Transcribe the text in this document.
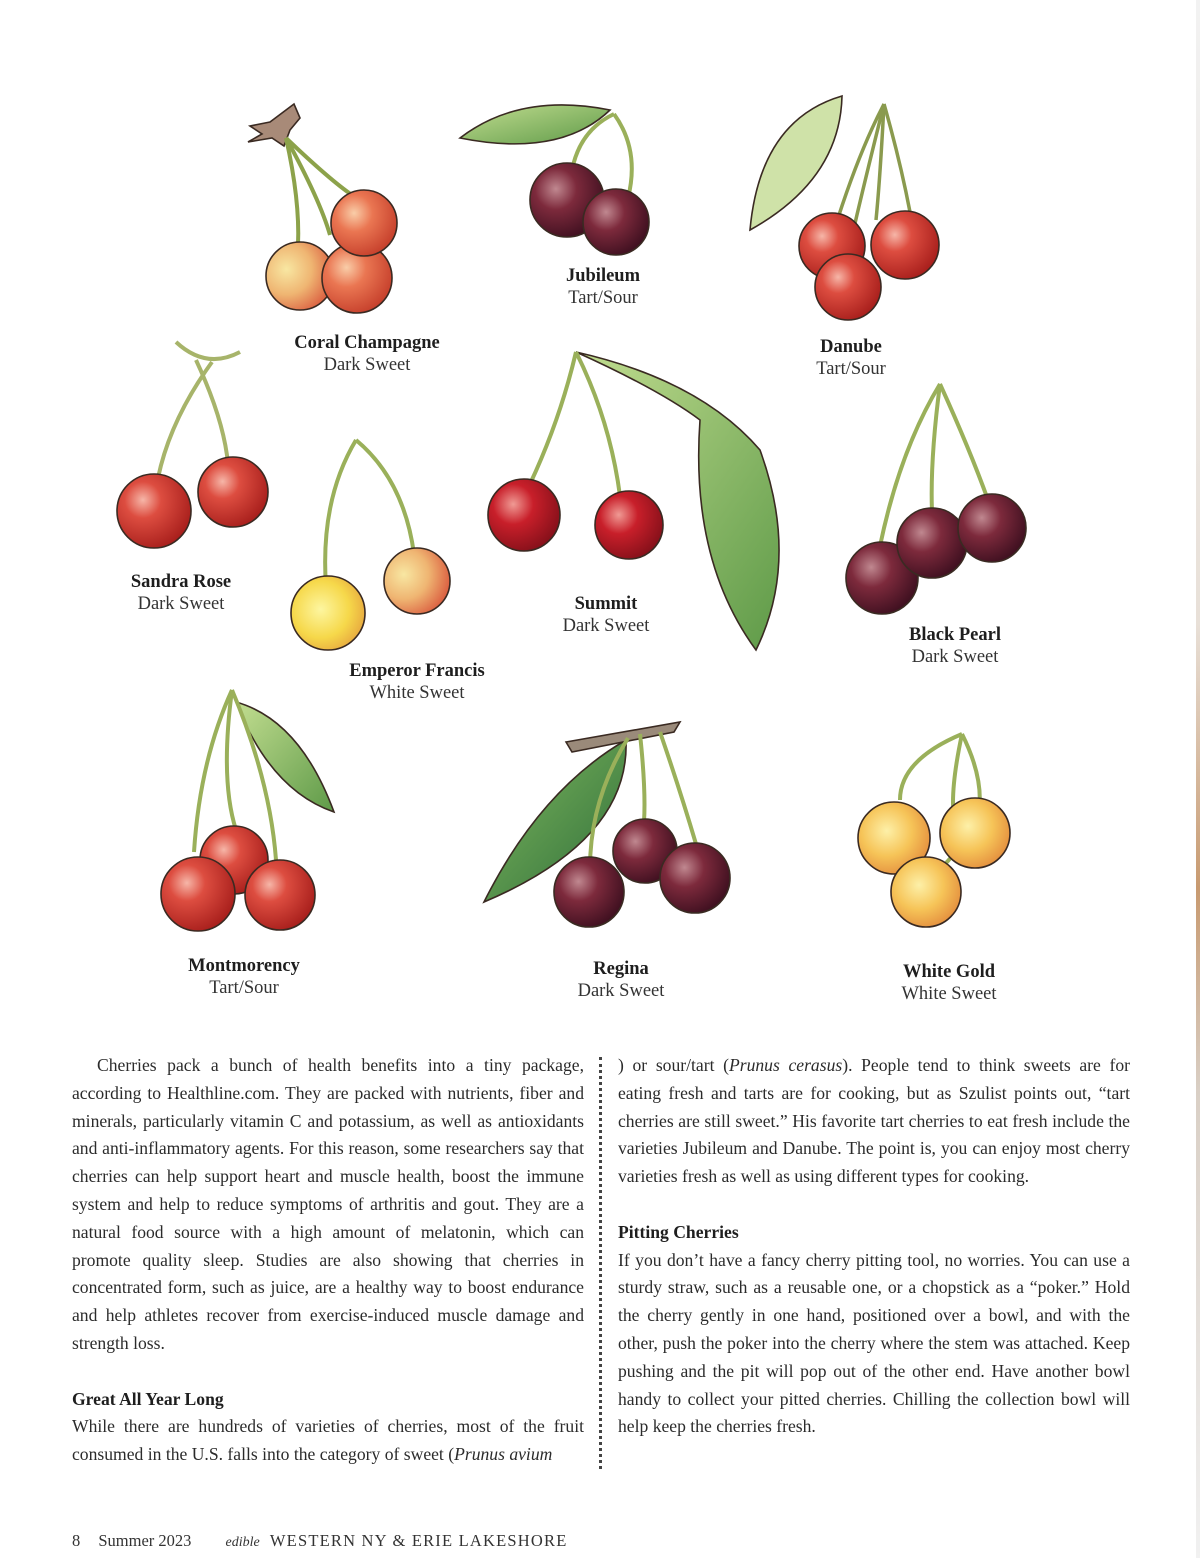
Coral Champagne
Dark Sweet
Jubileum
Tart/Sour
Danube
Tart/Sour
Sandra Rose
Dark Sweet
Emperor Francis
White Sweet
Summit
Dark Sweet	Black Pearl
Dark Sweet
Montmorency
Tart/Sour
Regina
Dark Sweet
White Gold
White Sweet

Cherries pack a bunch of health benefits into a tiny package, according to Healthline.com. They are packed with nutrients, fiber and minerals, particularly vitamin C and potassium, as well as antioxidants and anti-inflammatory agents. For this reason, some researchers say that cherries can help support heart and muscle health, boost the immune system and help to reduce symptoms of arthritis and gout. They are a natural food source with a high amount of melatonin, which can promote quality sleep. Studies are also showing that cherries in concentrated form, such as juice, are a healthy way to boost endurance and help athletes recover from exercise-induced muscle damage and strength loss.

Great All Year Long

While there are hundreds of varieties of cherries, most of the fruit consumed in the U.S. falls into the category of sweet (Prunus avium

) or sour/tart (Prunus cerasus). People tend to think sweets are for eating fresh and tarts are for cooking, but as Szulist points out, “tart cherries are still sweet.” His favorite tart cherries to eat fresh include the varieties Jubileum and Danube. The point is, you can enjoy most cherry varieties fresh as well as using different types for cooking.

Pitting Cherries

If you don’t have a fancy cherry pitting tool, no worries. You can use a sturdy straw, such as a reusable one, or a chopstick as a “poker.” Hold the cherry gently in one hand, positioned over a bowl, and with the other, push the poker into the cherry where the stem was attached. Keep pushing and the pit will pop out of the other end. Have another bowl handy to collect your pitted cherries. Chilling the collection bowl will help keep the cherries fresh.

8 Summer 2023 edible WESTERN NY & ERIE LAKESHORE
